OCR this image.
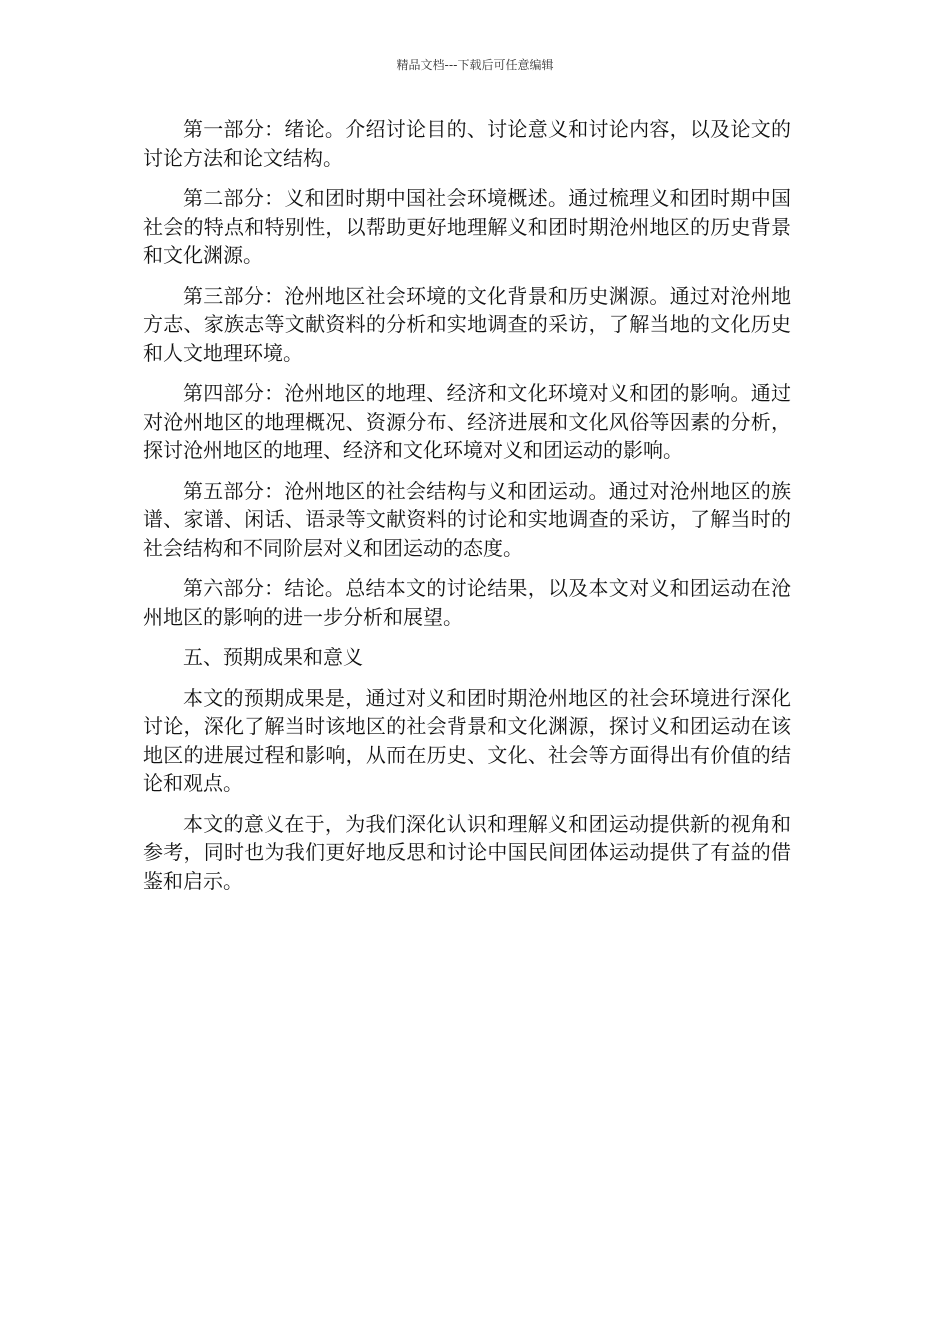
精品文档---下载后可任意编辑

第一部分：绪论。介绍讨论目的、讨论意义和讨论内容，以及论文的讨论方法和论文结构。

第二部分：义和团时期中国社会环境概述。通过梳理义和团时期中国社会的特点和特别性，以帮助更好地理解义和团时期沧州地区的历史背景和文化渊源。

第三部分：沧州地区社会环境的文化背景和历史渊源。通过对沧州地方志、家族志等文献资料的分析和实地调查的采访，了解当地的文化历史和人文地理环境。

第四部分：沧州地区的地理、经济和文化环境对义和团的影响。通过对沧州地区的地理概况、资源分布、经济进展和文化风俗等因素的分析，探讨沧州地区的地理、经济和文化环境对义和团运动的影响。

第五部分：沧州地区的社会结构与义和团运动。通过对沧州地区的族谱、家谱、闲话、语录等文献资料的讨论和实地调查的采访，了解当时的社会结构和不同阶层对义和团运动的态度。

第六部分：结论。总结本文的讨论结果，以及本文对义和团运动在沧州地区的影响的进一步分析和展望。

五、预期成果和意义

本文的预期成果是，通过对义和团时期沧州地区的社会环境进行深化讨论，深化了解当时该地区的社会背景和文化渊源，探讨义和团运动在该地区的进展过程和影响，从而在历史、文化、社会等方面得出有价值的结论和观点。

本文的意义在于，为我们深化认识和理解义和团运动提供新的视角和参考，同时也为我们更好地反思和讨论中国民间团体运动提供了有益的借鉴和启示。
